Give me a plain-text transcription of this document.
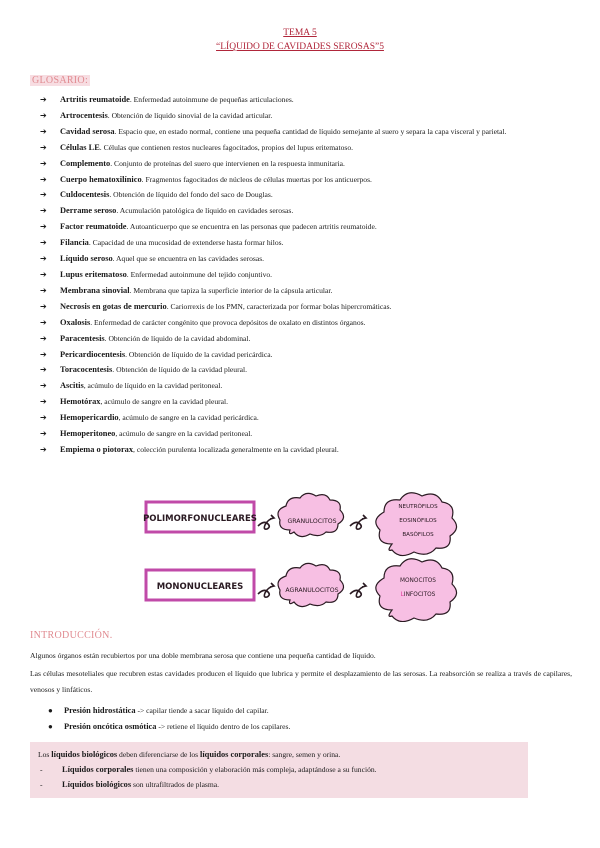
TEMA 5
“LÍQUIDO DE CAVIDADES SEROSAS”5
GLOSARIO:
➔ Artritis reumatoide. Enfermedad autoinmune de pequeñas articulaciones.
➔ Artrocentesis. Obtención de líquido sinovial de la cavidad articular.
➔ Cavidad serosa. Espacio que, en estado normal, contiene una pequeña cantidad de líquido semejante al suero y separa la capa visceral y parietal.
➔ Células LE. Células que contienen restos nucleares fagocitados, propios del lupus eritematoso.
➔ Complemento. Conjunto de proteínas del suero que intervienen en la respuesta inmunitaria.
➔ Cuerpo hematoxilínico. Fragmentos fagocitados de núcleos de células muertas por los anticuerpos.
➔ Culdocentesis. Obtención de líquido del fondo del saco de Douglas.
➔ Derrame seroso. Acumulación patológica de líquido en cavidades serosas.
➔ Factor reumatoide. Autoanticuerpo que se encuentra en las personas que padecen artritis reumatoide.
➔ Filancia. Capacidad de una mucosidad de extenderse hasta formar hilos.
➔ Líquido seroso. Aquel que se encuentra en las cavidades serosas.
➔ Lupus eritematoso. Enfermedad autoinmune del tejido conjuntivo.
➔ Membrana sinovial. Membrana que tapiza la superficie interior de la cápsula articular.
➔ Necrosis en gotas de mercurio. Cariorrexis de los PMN, caracterizada por formar bolas hipercromáticas.
➔ Oxalosis. Enfermedad de carácter congénito que provoca depósitos de oxalato en distintos órganos.
➔ Paracentesis. Obtención de líquido de la cavidad abdominal.
➔ Pericardiocentesis. Obtención de líquido de la cavidad pericárdica.
➔ Toracocentesis. Obtención de líquido de la cavidad pleural.
➔ Ascitis, acúmulo de líquido en la cavidad peritoneal.
➔ Hemotórax, acúmulo de sangre en la cavidad pleural.
➔ Hemopericardio, acúmulo de sangre en la cavidad pericárdica.
➔ Hemoperitoneo, acúmulo de sangre en la cavidad peritoneal.
➔ Empiema o piotorax, colección purulenta localizada generalmente en la cavidad pleural.
POLIMORFONUCLEARES	GRANULOCITOS
NEUTRÓFILOS
EOSINÓFILOS
BASÓFILOS
MONONUCLEARES	AGRANULOCITOS
MONOCITOS
LINFOCITOS
INTRODUCCIÓN.
Algunos órganos están recubiertos por una doble membrana serosa que contiene una pequeña cantidad de líquido.
Las células mesoteliales que recubren estas cavidades producen el líquido que lubrica y permite el desplazamiento de las serosas. La reabsorción se realiza a través de capilares, venosos y linfáticos.
● Presión hidrostática -> capilar tiende a sacar líquido del capilar.
● Presión oncótica osmótica -> retiene el líquido dentro de los capilares.
Los líquidos biológicos deben diferenciarse de los líquidos corporales: sangre, semen y orina.
- Líquidos corporales tienen una composición y elaboración más compleja, adaptándose a su función.
- Líquidos biológicos son ultrafiltrados de plasma.
